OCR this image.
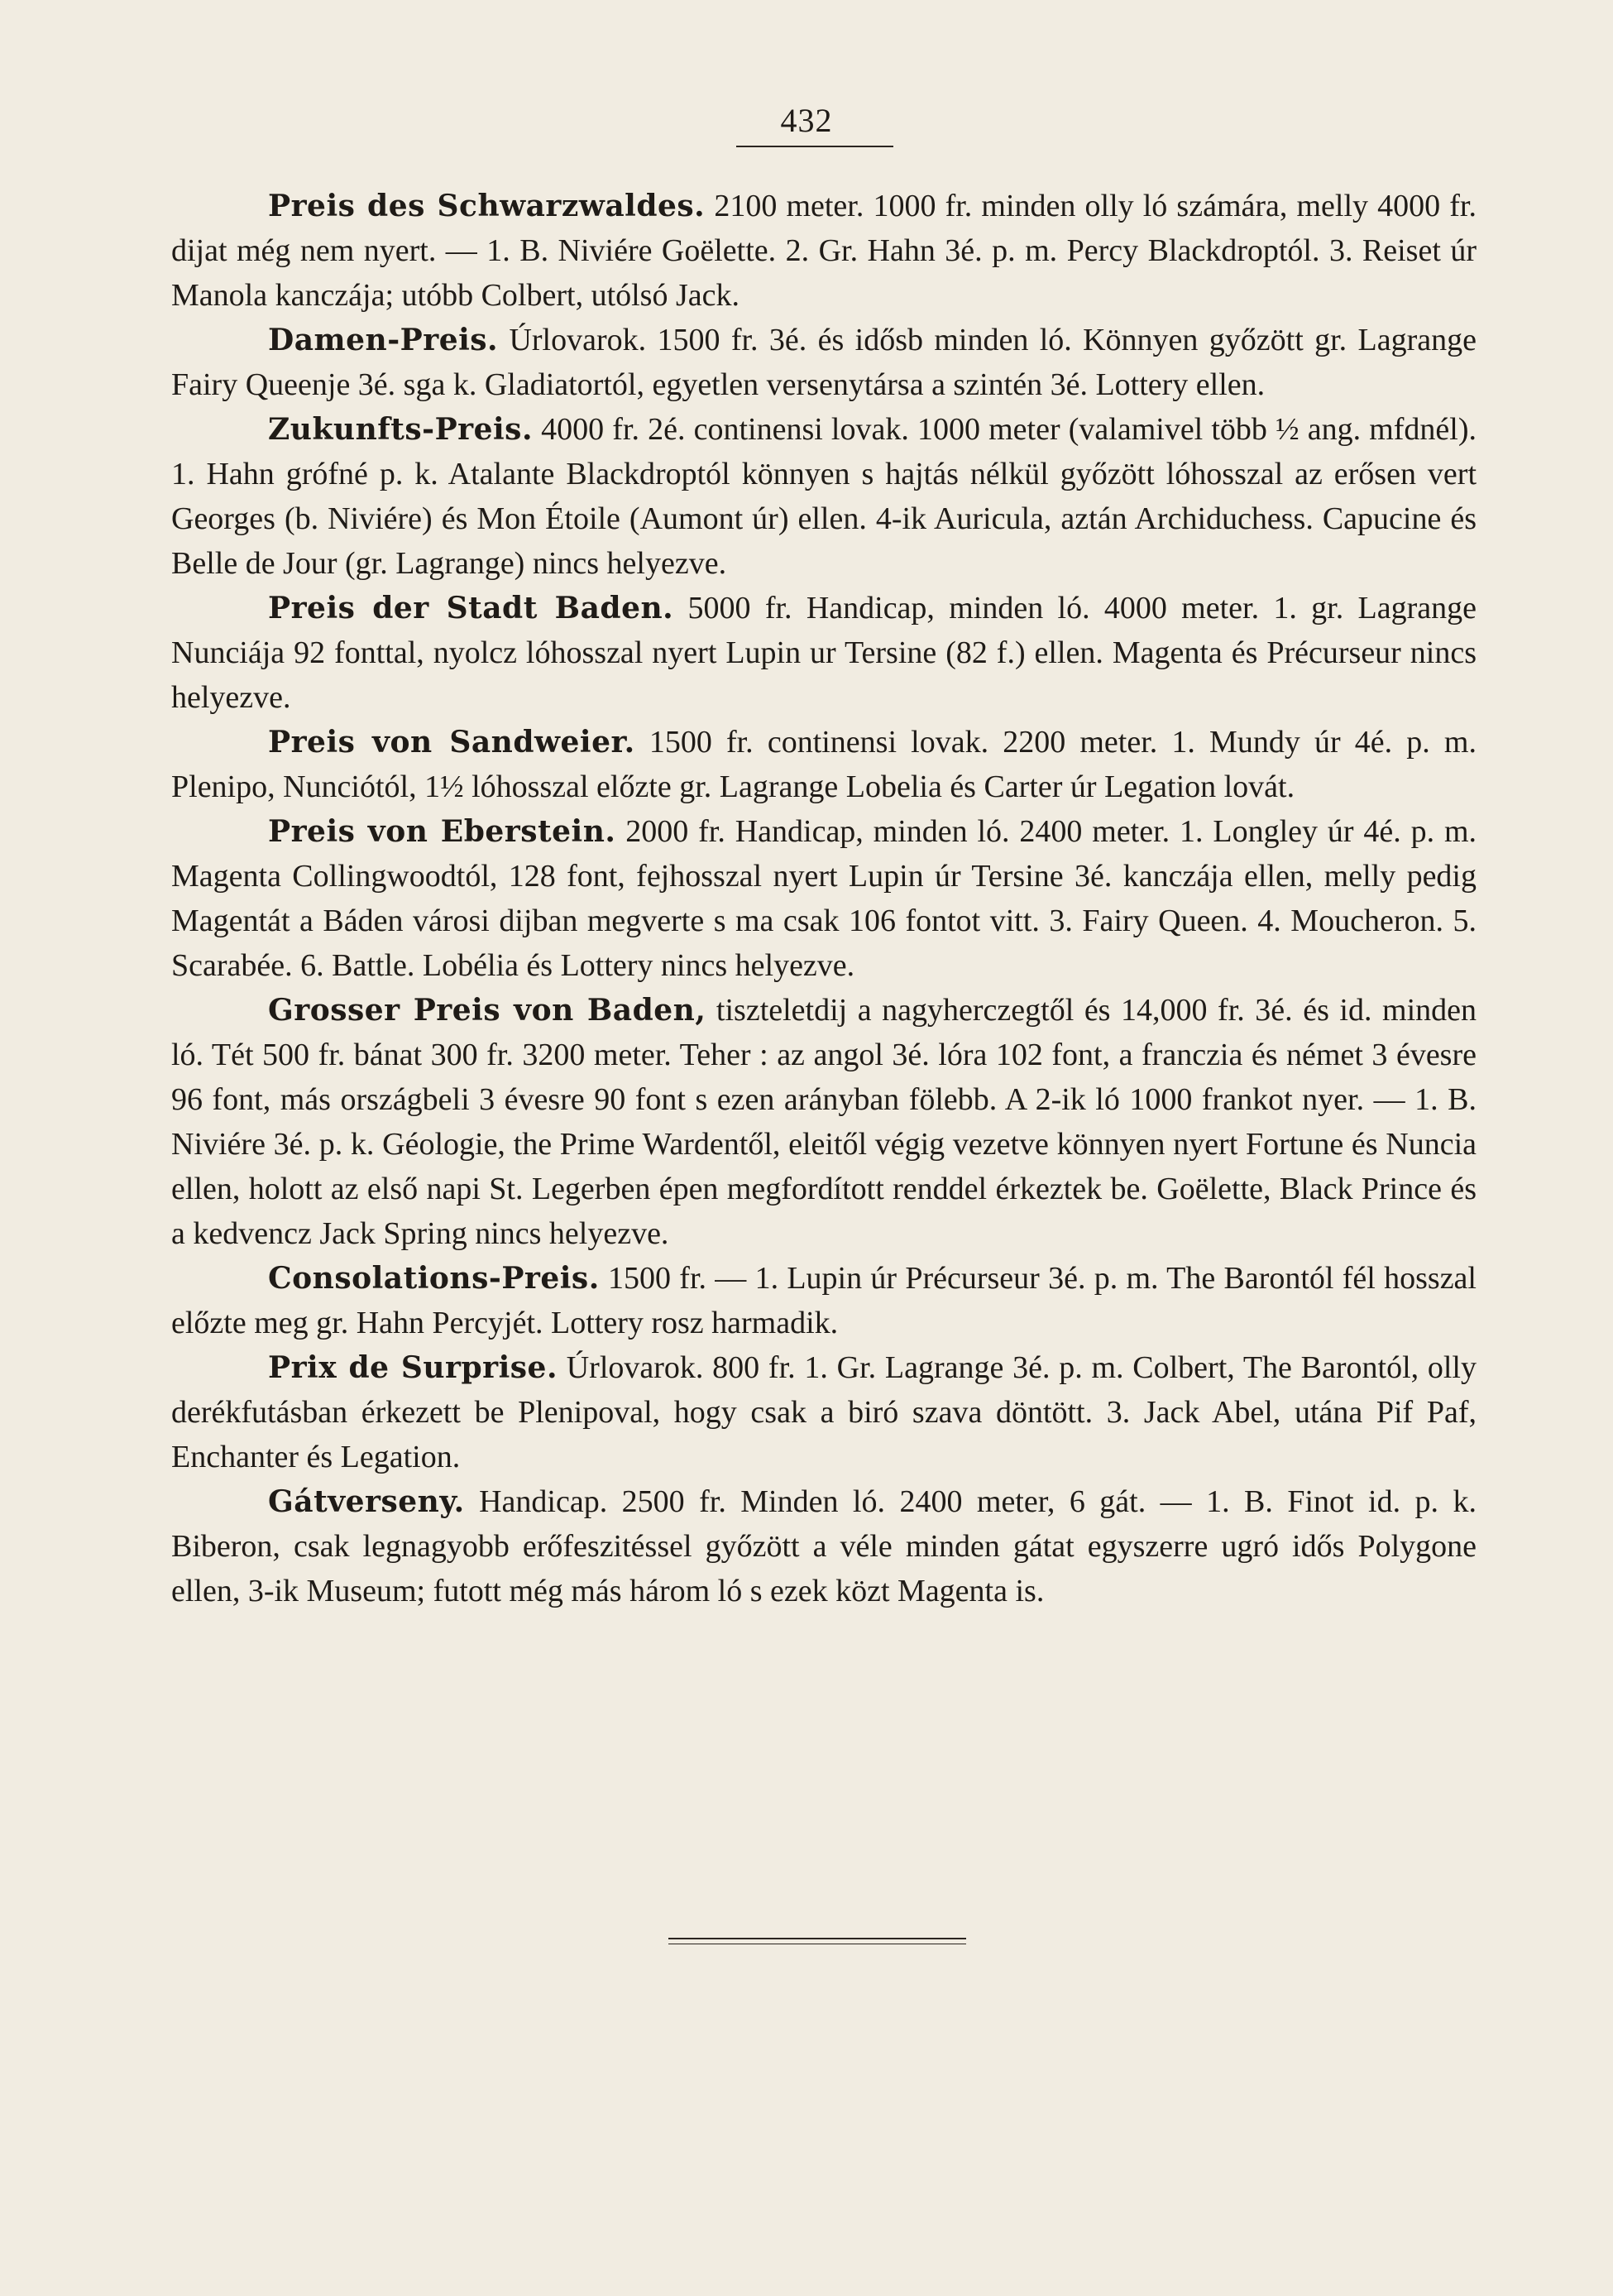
432

Preis des Schwarzwaldes. 2100 meter. 1000 fr. minden olly ló számára, melly 4000 fr. dijat még nem nyert. — 1. B. Niviére Goëlette. 2. Gr. Hahn 3é. p. m. Percy Blackdroptól. 3. Reiset úr Manola kanczája; utóbb Colbert, utólsó Jack.

Damen-Preis. Úrlovarok. 1500 fr. 3é. és idősb minden ló. Könnyen győzött gr. Lagrange Fairy Queenje 3é. sga k. Gladiatortól, egyetlen versenytársa a szintén 3é. Lottery ellen.

Zukunfts-Preis. 4000 fr. 2é. continensi lovak. 1000 meter (valamivel több ½ ang. mfdnél). 1. Hahn grófné p. k. Atalante Blackdroptól könnyen s hajtás nélkül győzött lóhosszal az erősen vert Georges (b. Niviére) és Mon Étoile (Aumont úr) ellen. 4-ik Auricula, aztán Archiduchess. Capucine és Belle de Jour (gr. Lagrange) nincs helyezve.

Preis der Stadt Baden. 5000 fr. Handicap, minden ló. 4000 meter. 1. gr. Lagrange Nunciája 92 fonttal, nyolcz lóhosszal nyert Lupin ur Tersine (82 f.) ellen. Magenta és Précurseur nincs helyezve.

Preis von Sandweier. 1500 fr. continensi lovak. 2200 meter. 1. Mundy úr 4é. p. m. Plenipo, Nunciótól, 1½ lóhosszal előzte gr. Lagrange Lobelia és Carter úr Legation lovát.

Preis von Eberstein. 2000 fr. Handicap, minden ló. 2400 meter. 1. Longley úr 4é. p. m. Magenta Collingwoodtól, 128 font, fejhosszal nyert Lupin úr Tersine 3é. kanczája ellen, melly pedig Magentát a Báden városi dijban megverte s ma csak 106 fontot vitt. 3. Fairy Queen. 4. Moucheron. 5. Scarabée. 6. Battle. Lobélia és Lottery nincs helyezve.

Grosser Preis von Baden, tiszteletdij a nagyherczegtől és 14,000 fr. 3é. és id. minden ló. Tét 500 fr. bánat 300 fr. 3200 meter. Teher : az angol 3é. lóra 102 font, a franczia és német 3 évesre 96 font, más országbeli 3 évesre 90 font s ezen arányban fölebb. A 2-ik ló 1000 frankot nyer. — 1. B. Niviére 3é. p. k. Géologie, the Prime Wardentől, eleitől végig vezetve könnyen nyert Fortune és Nuncia ellen, holott az első napi St. Legerben épen megfordított renddel érkeztek be. Goëlette, Black Prince és a kedvencz Jack Spring nincs helyezve.

Consolations-Preis. 1500 fr. — 1. Lupin úr Précurseur 3é. p. m. The Barontól fél hosszal előzte meg gr. Hahn Percyjét. Lottery rosz harmadik.

Prix de Surprise. Úrlovarok. 800 fr. 1. Gr. Lagrange 3é. p. m. Colbert, The Barontól, olly derékfutásban érkezett be Plenipoval, hogy csak a biró szava döntött. 3. Jack Abel, utána Pif Paf, Enchanter és Legation.

Gátverseny. Handicap. 2500 fr. Minden ló. 2400 meter, 6 gát. — 1. B. Finot id. p. k. Biberon, csak legnagyobb erőfeszitéssel győzött a véle minden gátat egyszerre ugró idős Polygone ellen, 3-ik Museum; futott még más három ló s ezek közt Magenta is.
